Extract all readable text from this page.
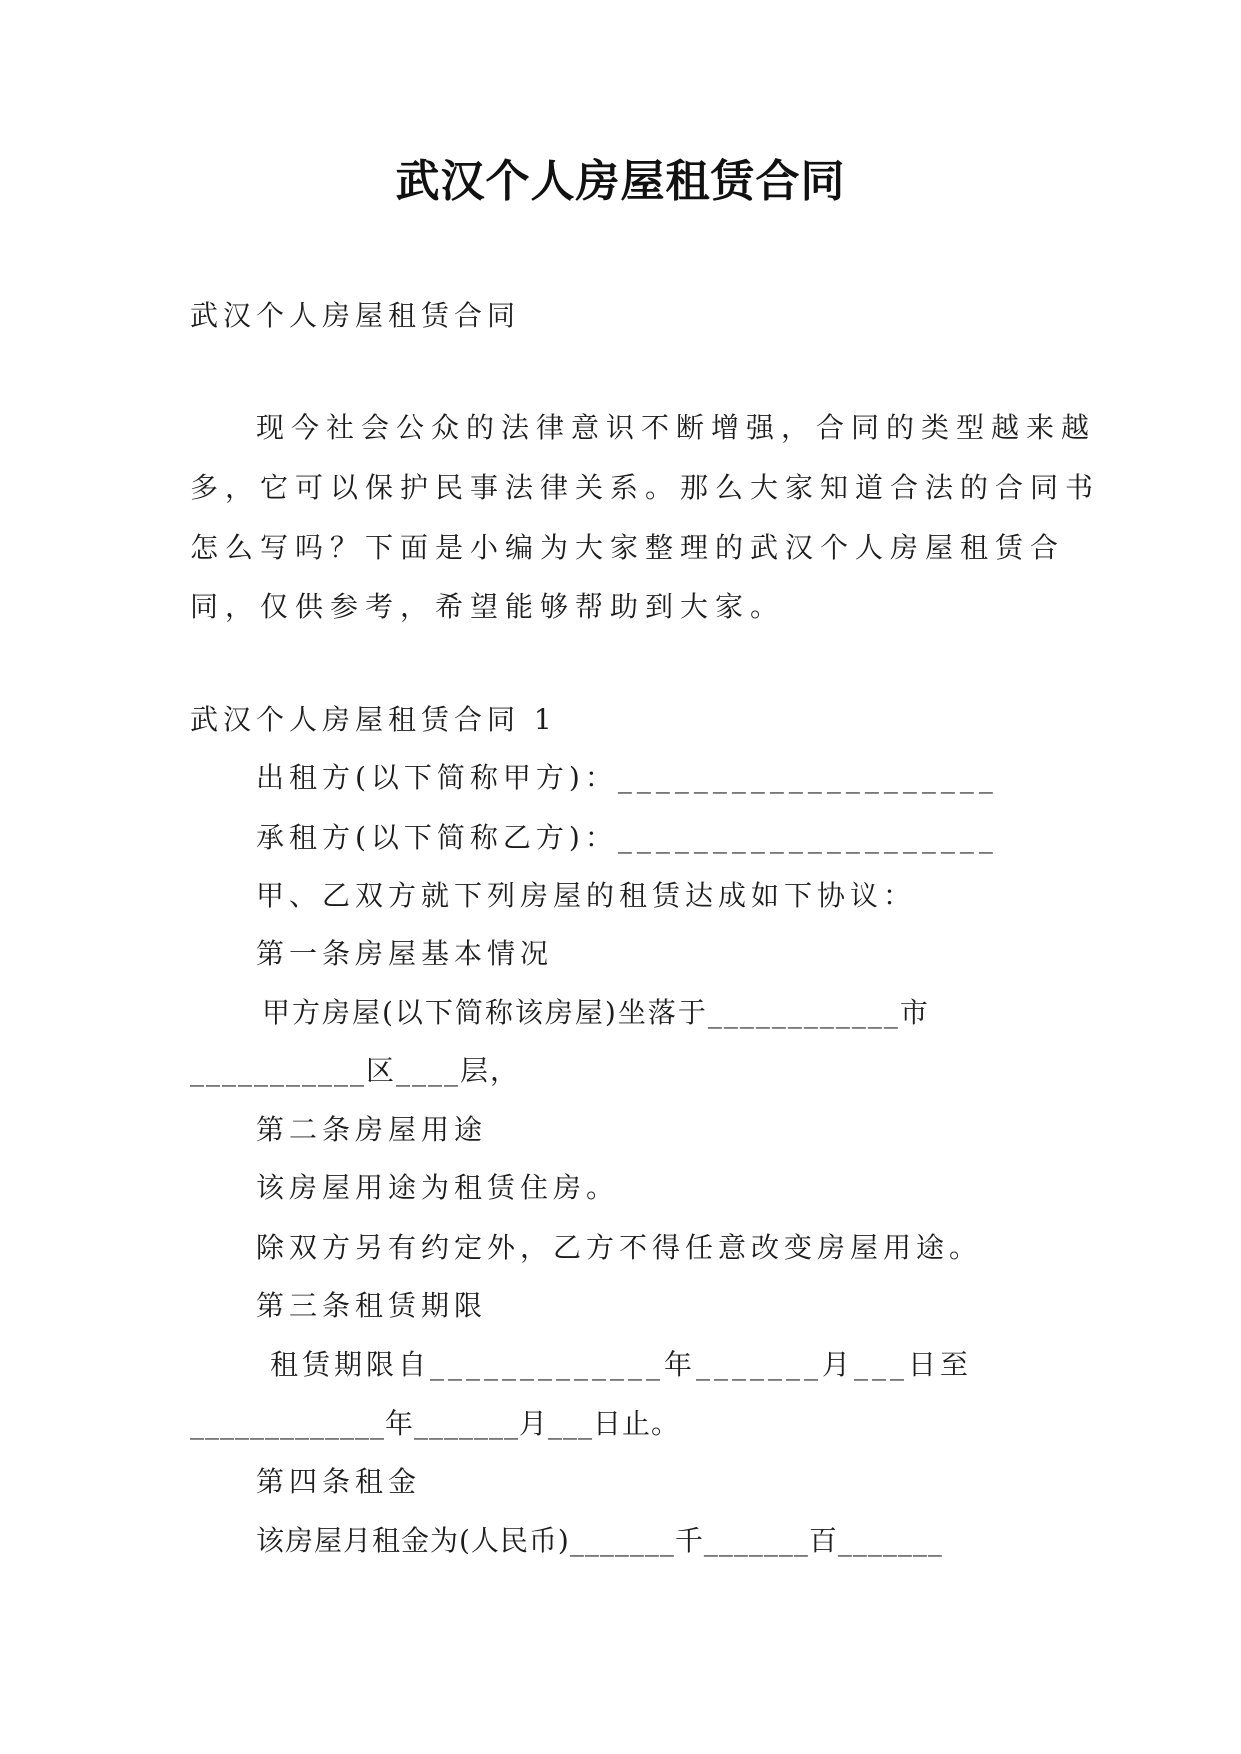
武汉个人房屋租赁合同
武汉个人房屋租赁合同
现今社会公众的法律意识不断增强，合同的类型越来越
多，它可以保护民事法律关系。那么大家知道合法的合同书
怎么写吗？下面是小编为大家整理的武汉个人房屋租赁合
同，仅供参考，希望能够帮助到大家。
武汉个人房屋租赁合同 1
出租方(以下简称甲方)：____________________
承租方(以下简称乙方)：____________________
甲、乙双方就下列房屋的租赁达成如下协议：
第一条房屋基本情况
甲方房屋(以下简称该房屋)坐落于____________市
___________区____层，
第二条房屋用途
该房屋用途为租赁住房。
除双方另有约定外，乙方不得任意改变房屋用途。
第三条租赁期限
租赁期限自_____________年_______月___日至
_____________年_______月___日止。
第四条租金
该房屋月租金为(人民币)_______千_______百_______
